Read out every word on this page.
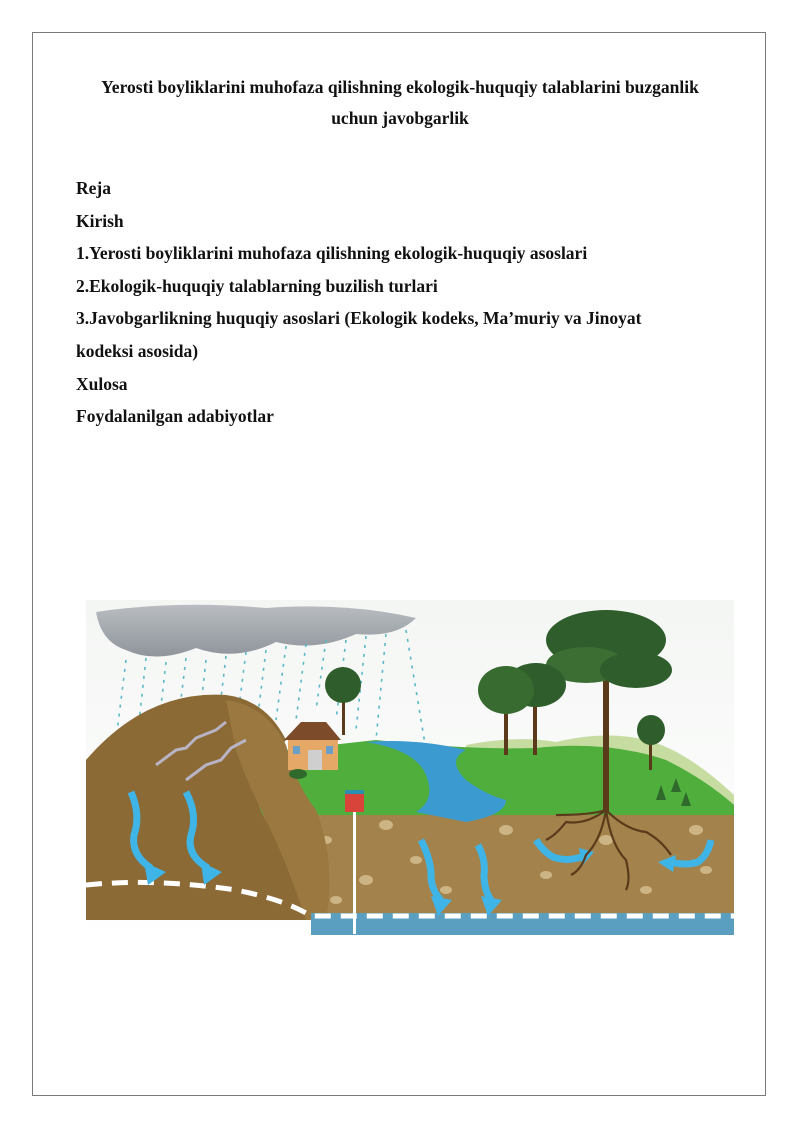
Yerosti boyliklarini muhofaza qilishning ekologik-huquqiy talablarini buzganlik
uchun javobgarlik
Reja
Kirish
1.Yerosti boyliklarini muhofaza qilishning ekologik-huquqiy asoslari
2.Ekologik-huquqiy talablarning buzilish turlari
3.Javobgarlikning huquqiy asoslari (Ekologik kodeks, Ma’muriy va Jinoyat
kodeksi asosida)
Xulosa
Foydalanilgan adabiyotlar
